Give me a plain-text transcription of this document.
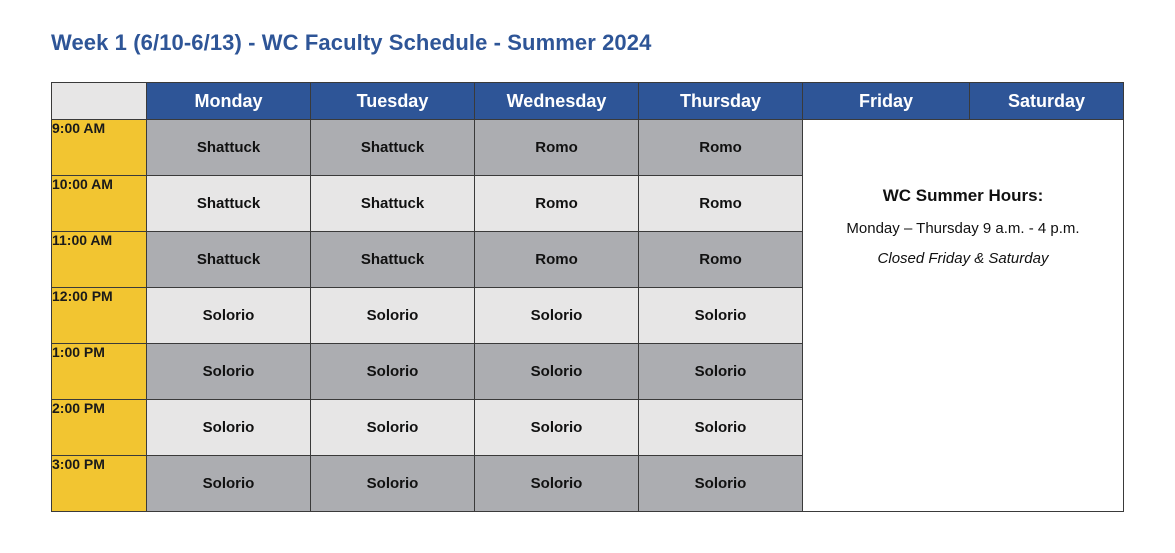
Week 1 (6/10-6/13) - WC Faculty Schedule - Summer 2024
	Monday	Tuesday	Wednesday	Thursday	Friday	Saturday
9:00 AM	Shattuck	Shattuck	Romo	Romo	WC Summer Hours:
Monday – Thursday 9 a.m. - 4 p.m.
Closed Friday & Saturday	

10:00 AM	Shattuck	Shattuck	Romo	Romo		
11:00 AM	Shattuck	Shattuck	Romo	Romo		
12:00 PM	Solorio	Solorio	Solorio	Solorio		
1:00 PM	Solorio	Solorio	Solorio	Solorio		
2:00 PM	Solorio	Solorio	Solorio	Solorio		
3:00 PM	Solorio	Solorio	Solorio	Solorio		
